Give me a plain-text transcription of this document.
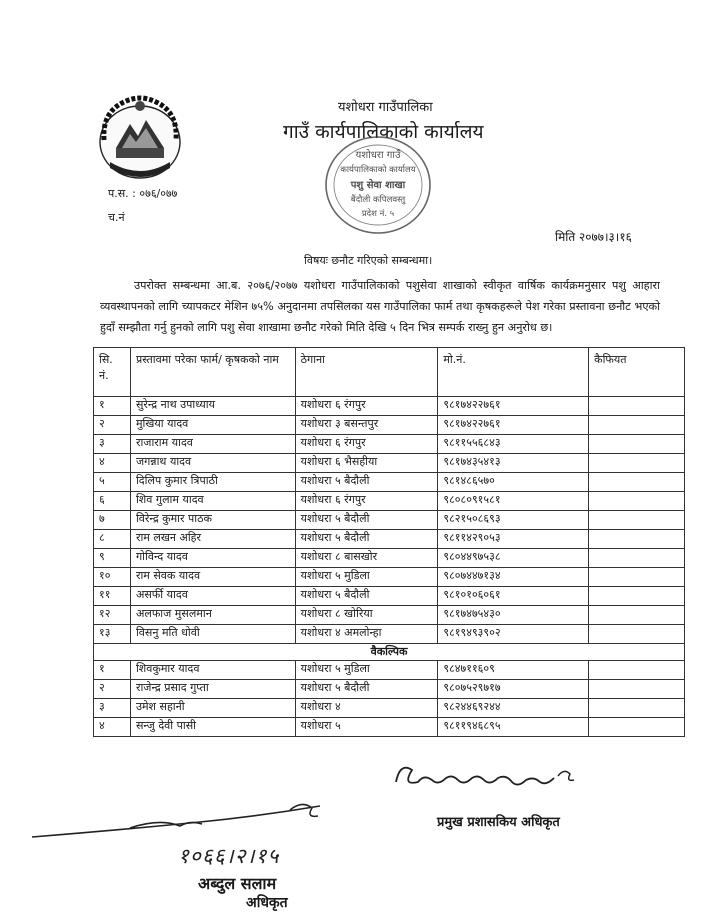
यशोधरा गाउँपालिका
गाउँ कार्यपालिकाको कार्यालय
यशोधरा गाउँ
कार्यपालिकाको कार्यालय
पशु सेवा शाखा
बैंदौली कपिलवस्तु
प्रदेश नं. ५
प.स. : ०७६/०७७
च.नं
मिति २०७७।३।१६
विषयः छनौट गरिएको सम्बन्धमा।
उपरोक्त सम्बन्धमा आ.ब. २०७६/२०७७ यशोधरा गाउँपालिकाको पशुसेवा शाखाको स्वीकृत वार्षिक कार्यक्रमनुसार पशु आहारा व्यवस्थापनको लागि च्यापकटर मेशिन ७५% अनुदानमा तपसिलका यस गाउँपालिका फार्म तथा कृषकहरूले पेश गरेका प्रस्तावना छनौट भएको हुदाँ सम्झौता गर्नु हुनको लागि पशु सेवा शाखामा छनौट गरेको मिति देखि ५ दिन भित्र सम्पर्क राख्नु हुन अनुरोध छ।
सि. नं.	प्रस्तावमा परेका फार्म/ कृषकको नाम	ठेगाना	मो.नं.	कैफियत
१	सुरेन्द्र नाथ उपाध्याय	यशोधरा ६ रंगपुर	९८१७४२२७६१	
२	मुखिया यादव	यशोधरा ३ बसन्तपुर	९८१७४२२७६१	
३	राजाराम यादव	यशोधरा ६ रंगपुर	९८११५५६८४३	
४	जगन्नाथ यादव	यशोधरा ६ भैसहीया	९८१७४३५४१३	
५	दिलिप कुमार त्रिपाठी	यशोधरा ५ बैदौली	९८१४८६५७०	
६	शिव गुलाम यादव	यशोधरा ६ रंगपुर	९८०८०९१५८१	
७	विरेन्द्र कुमार पाठक	यशोधरा ५ बैदौली	९८२१५०८६९३	
८	राम लखन अहिर	यशोधरा ५ बैदौली	९८११४२९०५३	
९	गोविन्द यादव	यशोधरा ८ बासखोर	९८०४४९७५३८	
१०	राम सेवक यादव	यशोधरा ५ मुडिला	९८०७४४७१३४	
११	असर्फी यादव	यशोधरा ५ बैदौली	९८१०१०६०६१	
१२	अलफाज मुसलमान	यशोधरा ८ खोरिया	९८१७४७५४३०	
१३	विसनु मति धोवी	यशोधरा ४ अमलोन्हा	९८१९४९३९०२	
वैकल्पिक				
१	शिवकुमार यादव	यशोधरा ५ मुडिला	९८४७११६०९	
२	राजेन्द्र प्रसाद गुप्ता	यशोधरा ५ बैदौली	९८०७५२९७१७	
३	उमेश सहानी	यशोधरा ४	९८२४४६९२४४	
४	सन्जु देवी पासी	यशोधरा ५	९८११९४६८९५	
प्रमुख प्रशासकिय अधिकृत
१०६६।२।१५
अब्दुल सलाम
अधिकृत
